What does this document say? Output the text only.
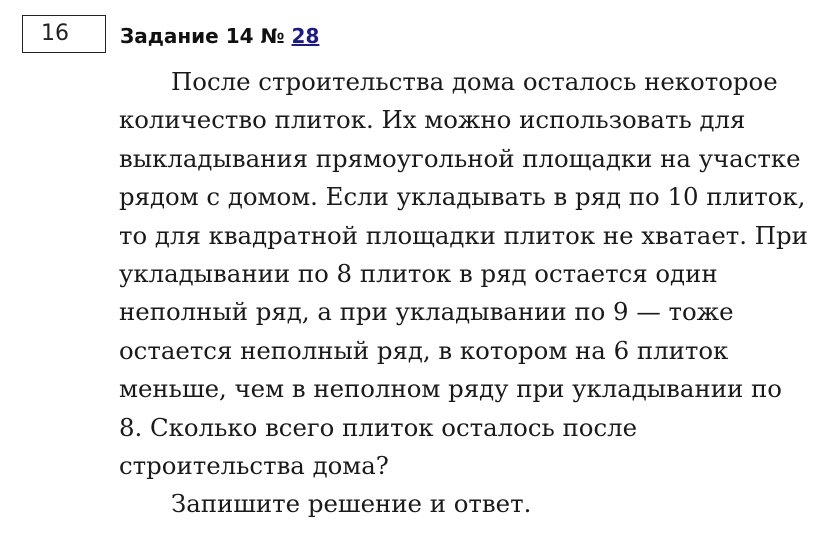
16	Задание 14 № 28

После строительства дома осталось некоторое количество плиток. Их можно использовать для выкладывания прямоугольной площадки на участке рядом с домом. Если укладывать в ряд по 10 плиток, то для квадратной площадки плиток не хватает. При укладывании по 8 плиток в ряд остается один неполный ряд, а при укладывании по 9 — тоже остается неполный ряд, в котором на 6 плиток меньше, чем в неполном ряду при укладывании по 8. Сколько всего плиток осталось после строительства дома?

Запишите решение и ответ.
